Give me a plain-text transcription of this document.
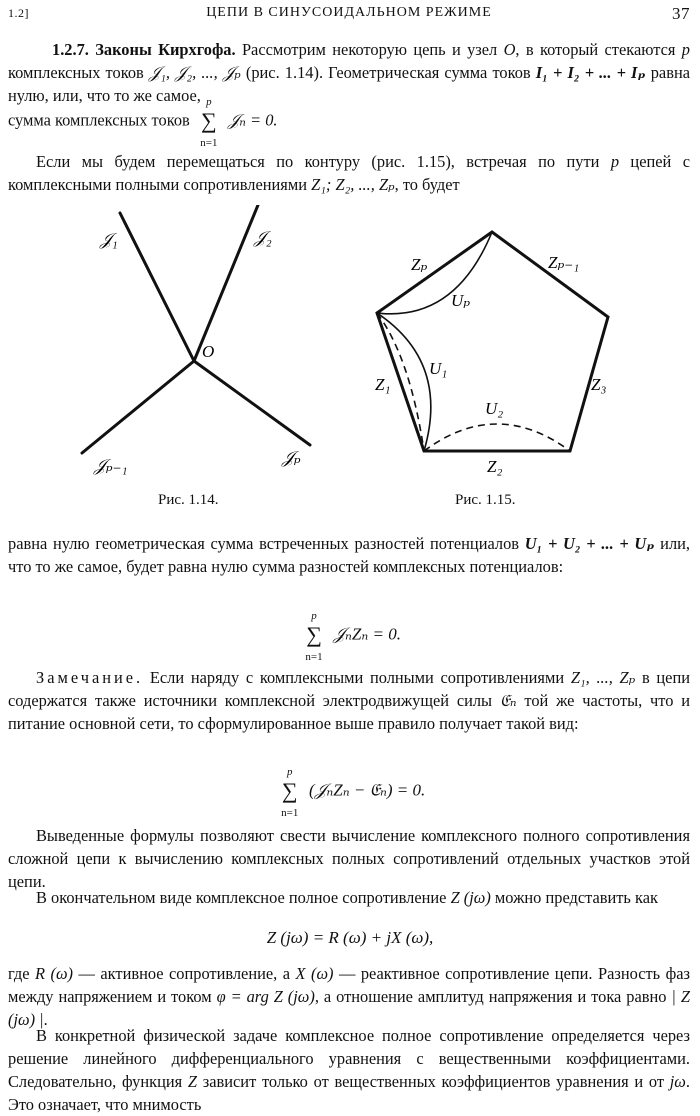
1.2]	ЦЕПИ В СИНУСОИДАЛЬНОМ РЕЖИМЕ	37
1.2.7. Законы Кирхгофа. Рассмотрим некоторую цепь и узел O, в который стекаются p комплексных токов 𝒥₁, 𝒥₂, ..., 𝒥ₚ (рис. 1.14). Геометрическая сумма токов I₁ + I₂ + ... + Iₚ равна нулю, или, что то же самое,
сумма комплексных токов
p
∑
n=1
𝒥ₙ = 0.
Если мы будем перемещаться по контуру (рис. 1.15), встречая по пути p цепей с комплексными полными сопротивлениями Z₁; Z₂, ..., Zₚ, то будет
𝒥₁	𝒥₂
O
𝒥ₚ₋₁	𝒥ₚ
Рис. 1.14.
Zₚ	Zₚ₋₁
Uₚ
U₁
Z₁	Z₃
U₂
Z₂
Рис. 1.15.
равна нулю геометрическая сумма встреченных разностей потенциалов U₁ + U₂ + ... + Uₚ или, что то же самое, будет равна нулю сумма разностей комплексных потенциалов:
p
∑
n=1
𝒥ₙZₙ = 0.
Замечание. Если наряду с комплексными полными сопротивлениями Z₁, ..., Zₚ в цепи содержатся также источники комплексной электродвижущей силы 𝔈ₙ той же частоты, что и питание основной сети, то сформулированное выше правило получает такой вид:
p
∑
n=1
(𝒥ₙZₙ − 𝔈ₙ) = 0.
Выведенные формулы позволяют свести вычисление комплексного полного сопротивления сложной цепи к вычислению комплексных полных сопротивлений отдельных участков этой цепи.
В окончательном виде комплексное полное сопротивление Z (jω) можно представить как
Z (jω) = R (ω) + jX (ω),
где R (ω) — активное сопротивление, а X (ω) — реактивное сопротивление цепи. Разность фаз между напряжением и током φ = arg Z (jω), а отношение амплитуд напряжения и тока равно | Z (jω) |.
В конкретной физической задаче комплексное полное сопротивление определяется через решение линейного дифференциального уравнения с вещественными коэффициентами. Следовательно, функция Z зависит только от вещественных коэффициентов уравнения и от jω. Это означает, что мнимость
